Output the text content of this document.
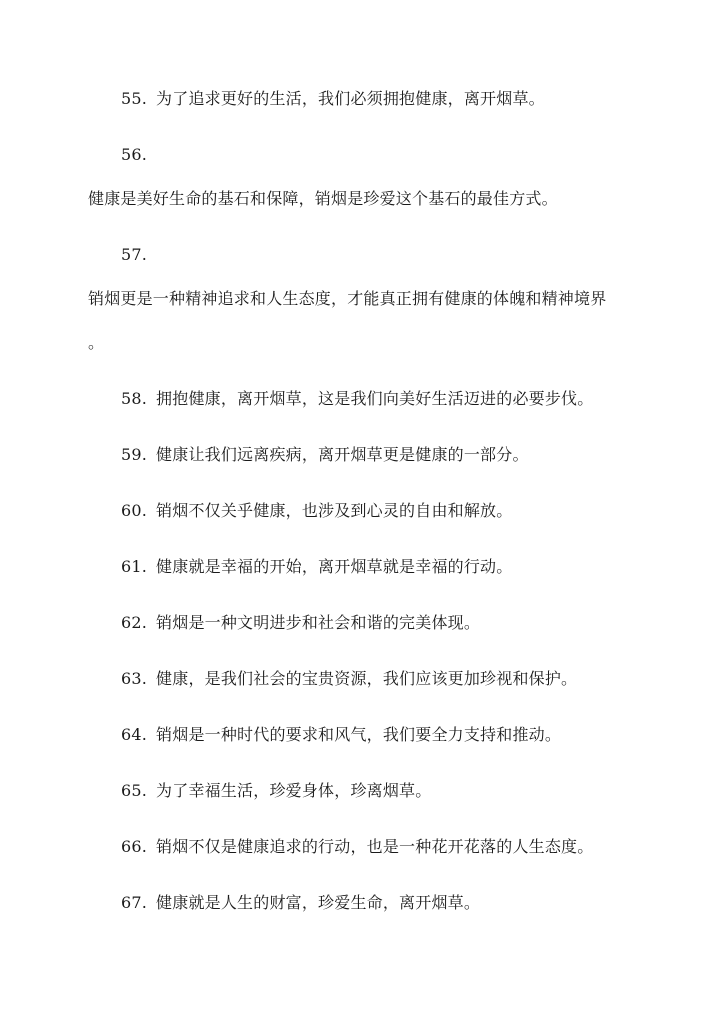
55. 为了追求更好的生活，我们必须拥抱健康，离开烟草。
56.
健康是美好生命的基石和保障，销烟是珍爱这个基石的最佳方式。
57.
销烟更是一种精神追求和人生态度，才能真正拥有健康的体魄和精神境界
。
58. 拥抱健康，离开烟草，这是我们向美好生活迈进的必要步伐。
59. 健康让我们远离疾病，离开烟草更是健康的一部分。
60. 销烟不仅关乎健康，也涉及到心灵的自由和解放。
61. 健康就是幸福的开始，离开烟草就是幸福的行动。
62. 销烟是一种文明进步和社会和谐的完美体现。
63. 健康，是我们社会的宝贵资源，我们应该更加珍视和保护。
64. 销烟是一种时代的要求和风气，我们要全力支持和推动。
65. 为了幸福生活，珍爱身体，珍离烟草。
66. 销烟不仅是健康追求的行动，也是一种花开花落的人生态度。
67. 健康就是人生的财富，珍爱生命，离开烟草。
